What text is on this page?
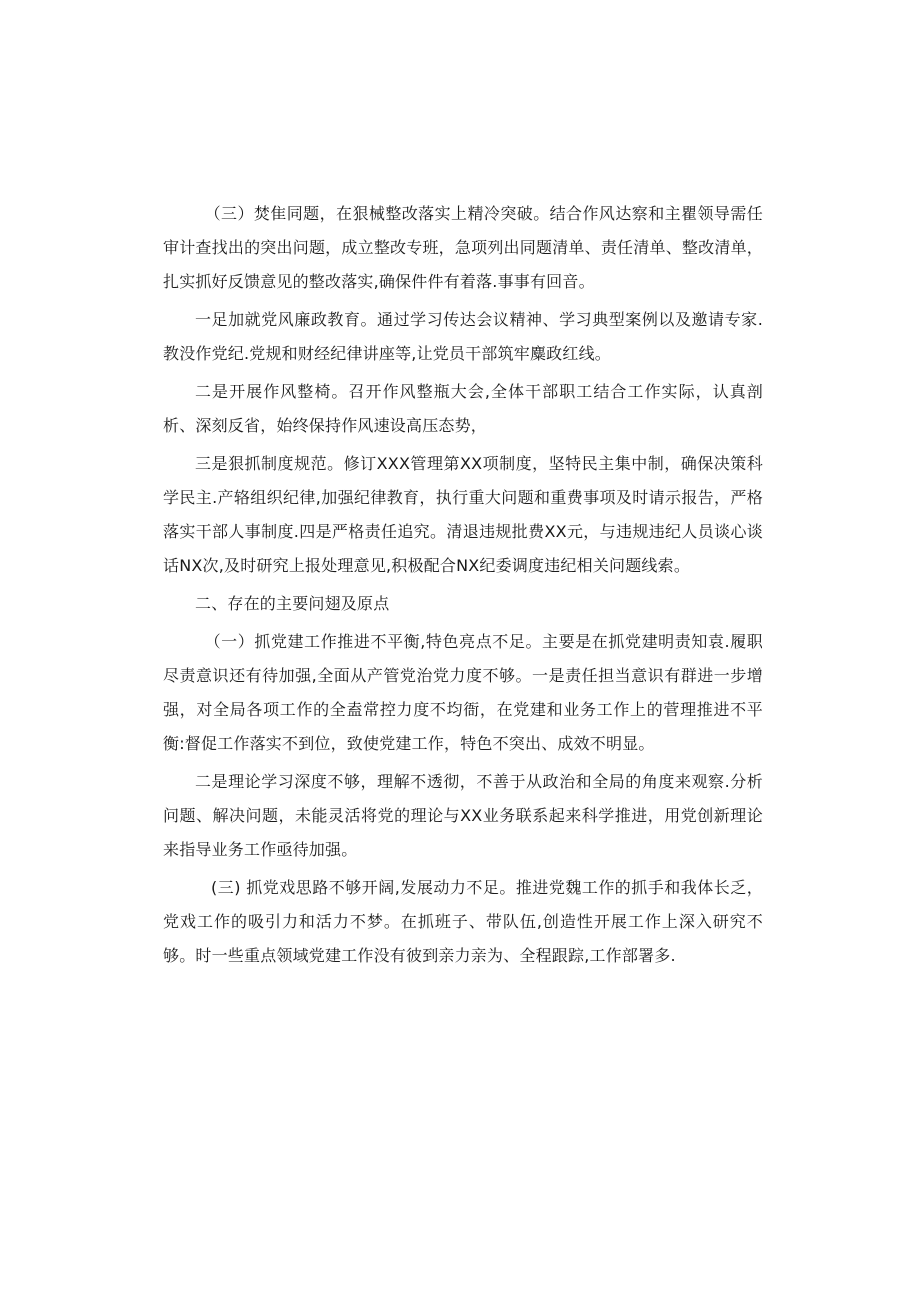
（三）焚隹同题，在狠械整改落实上精冷突破。结合作风达察和主瞿领导需任审计查找出的突出问题，成立整改专班，急项列出同题清单、责任清单、整改清单，扎实抓好反馈意见的整改落实,确保件件有着落.事事有回音。

一足加就党风廉政教育。通过学习传达会议精神、学习典型案例以及邀请专家.教没作党纪.党规和财经纪律讲座等,让党员干部筑牢麋政红线。

二是开展作风整椅。召开作风整瓶大会,全体干部职工结合工作实际，认真剖析、深刻反省，始终保持作风速设高压态势，

三是狠抓制度规范。修订XXX管理第XX项制度，坚特民主集中制，确保决策科学民主.产辂组织纪律,加强纪律教育，执行重大问题和重费事项及时请示报告，严格落实干部人事制度.四是严格责任追究。清退违规批费XX元，与违规违纪人员谈心谈话NX次,及时研究上报处理意见,积极配合NX纪委调度违纪相关问题线索。

二、存在的主要问翅及原点

（一）抓党建工作推进不平衡,特色亮点不足。主要是在抓党建明责知袁.履职尽责意识还有待加强,全面从产管党治党力度不够。一是责任担当意识有群进一步增强，对全局各项工作的全盍常控力度不均衙，在党建和业务工作上的菅理推进不平衡:督促工作落实不到位，致使党建工作，特色不突出、成效不明显。

二是理论学习深度不够，理解不透彻，不善于从政治和全局的角度来观察.分析问题、解决问题，未能灵活将党的理论与XX业务联系起来科学推进，用党创新理论来指导业务工作亟待加强。

(三) 抓党戏思路不够开阔,发展动力不足。推进党魏工作的抓手和我体长乏，党戏工作的吸引力和活力不梦。在抓班子、带队伍,创造性开展工作上深入研究不够。时一些重点领域党建工作没有彼到亲力亲为、全程跟踪,工作部署多.
